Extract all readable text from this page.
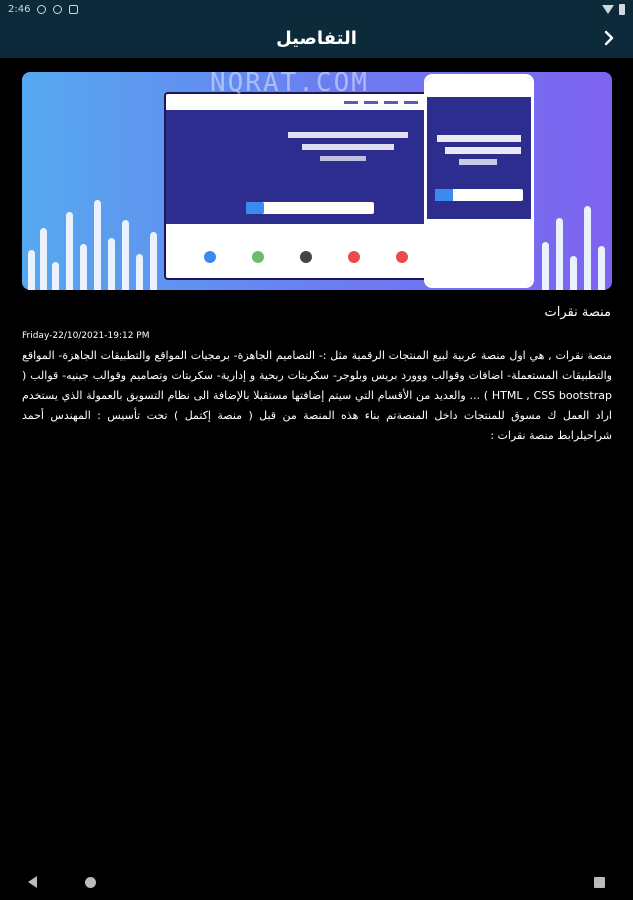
2:46
التفاصيل
NQRAT.COM
منصة نقرات
Friday-22/10/2021-19:12 PM
منصة نقرات , هي اول منصة عربية لبيع المنتجات الرقمية مثل :- التصاميم الجاهزة- برمجيات المواقع والتطبيقات الجاهزة- المواقع والتطبيقات المستعملة- اضافات وقوالب ووورد بريس وبلوجر- سكربتات ربحية و إدارية- سكربتات وتصاميم وقوالب جينيه- قوالب ( HTML , CSS bootstrap ) ... والعديد من الأقسام التي سيتم إضافتها مستقبلا بالإضافة الى نظام التسويق بالعمولة الذي يستخدم اراد العمل ك مسوق للمنتجات داخل المنصةتم بناء هذه المنصة من قبل ( منصة إكتمل ) تحت تأسيس : المهندس أحمد شراحيلرابط منصة نقرات :
